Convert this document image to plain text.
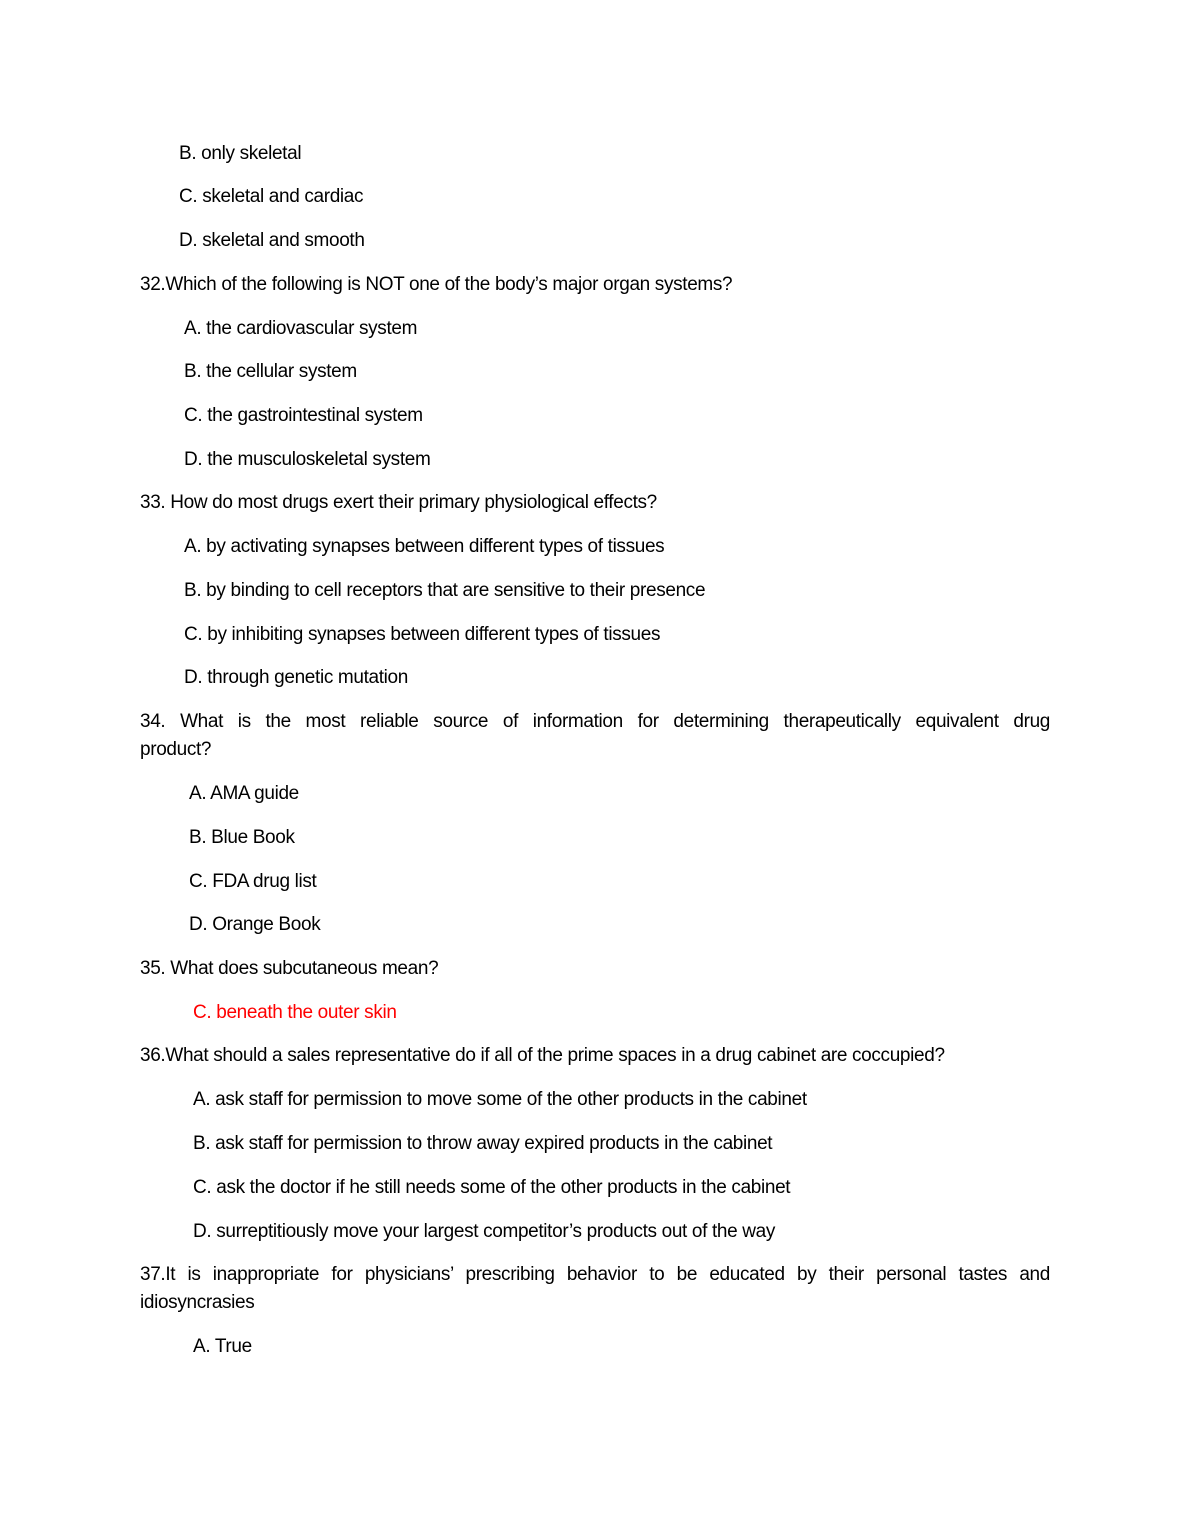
B. only skeletal
C. skeletal and cardiac
D. skeletal and smooth
32.Which of the following is NOT one of the body’s major organ systems?
A. the cardiovascular system
B. the cellular system
C. the gastrointestinal system
D. the musculoskeletal system
33. How do most drugs exert their primary physiological effects?
A. by activating synapses between different types of tissues
B. by binding to cell receptors that are sensitive to their presence
C. by inhibiting synapses between different types of tissues
D. through genetic mutation
34. What is the most reliable source of information for determining therapeutically equivalent drug
product?
A. AMA guide
B. Blue Book
C. FDA drug list
D. Orange Book
35. What does subcutaneous mean?
C. beneath the outer skin
36.What should a sales representative do if all of the prime spaces in a drug cabinet are coccupied?
A. ask staff for permission to move some of the other products in the cabinet
B. ask staff for permission to throw away expired products in the cabinet
C. ask the doctor if he still needs some of the other products in the cabinet
D. surreptitiously move your largest competitor’s products out of the way
37.It is inappropriate for physicians’ prescribing behavior to be educated by their personal tastes and
idiosyncrasies
A. True
